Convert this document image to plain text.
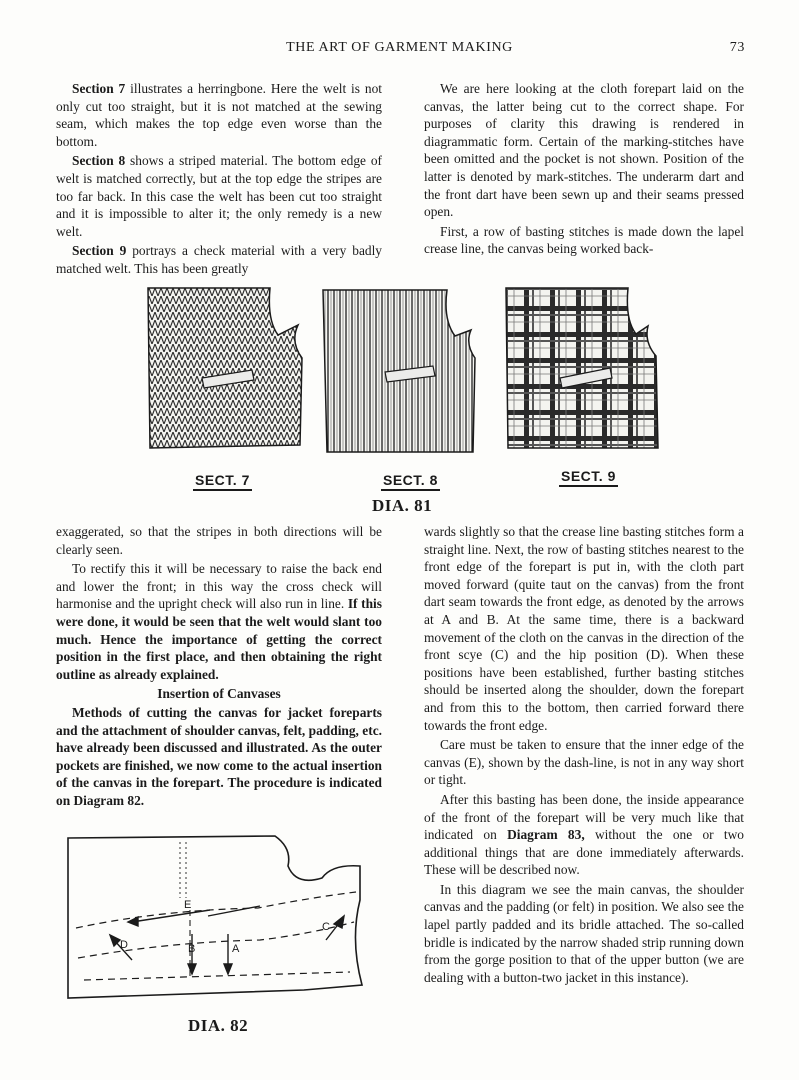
THE ART OF GARMENT MAKING	73

Section 7 illustrates a herringbone. Here the welt is not only cut too straight, but it is not matched at the sewing seam, which makes the top edge even worse than the bottom.

Section 8 shows a striped material. The bottom edge of welt is matched correctly, but at the top edge the stripes are too far back. In this case the welt has been cut too straight and it is impossible to alter it; the only remedy is a new welt.

Section 9 portrays a check material with a very badly matched welt. This has been greatly

We are here looking at the cloth forepart laid on the canvas, the latter being cut to the correct shape. For purposes of clarity this drawing is rendered in diagrammatic form. Certain of the marking-stitches have been omitted and the pocket is not shown. Position of the latter is denoted by mark-stitches. The underarm dart and the front dart have been sewn up and their seams pressed open.

First, a row of basting stitches is made down the lapel crease line, the canvas being worked back-

SECT. 7	SECT. 8	SECT. 9
DIA. 81

exaggerated, so that the stripes in both directions will be clearly seen.

To rectify this it will be necessary to raise the back end and lower the front; in this way the cross check will harmonise and the upright check will also run in line. If this were done, it would be seen that the welt would slant too much. Hence the importance of getting the correct position in the first place, and then obtaining the right outline as already explained.

Insertion of Canvases

Methods of cutting the canvas for jacket foreparts and the attachment of shoulder canvas, felt, padding, etc. have already been discussed and illustrated. As the outer pockets are finished, we now come to the actual insertion of the canvas in the forepart. The procedure is indicated on Diagram 82.

E
D	B	A
C
DIA. 82

wards slightly so that the crease line basting stitches form a straight line. Next, the row of basting stitches nearest to the front edge of the forepart is put in, with the cloth part moved forward (quite taut on the canvas) from the front dart seam towards the front edge, as denoted by the arrows at A and B. At the same time, there is a backward movement of the cloth on the canvas in the direction of the front scye (C) and the hip position (D). When these positions have been established, further basting stitches should be inserted along the shoulder, down the forepart and from this to the bottom, then carried forward there towards the front edge.

Care must be taken to ensure that the inner edge of the canvas (E), shown by the dash-line, is not in any way short or tight.

After this basting has been done, the inside appearance of the front of the forepart will be very much like that indicated on Diagram 83, without the one or two additional things that are done immediately afterwards. These will be described now.

In this diagram we see the main canvas, the shoulder canvas and the padding (or felt) in position. We also see the lapel partly padded and its bridle attached. The so-called bridle is indicated by the narrow shaded strip running down from the gorge position to that of the upper button (we are dealing with a button-two jacket in this instance).
